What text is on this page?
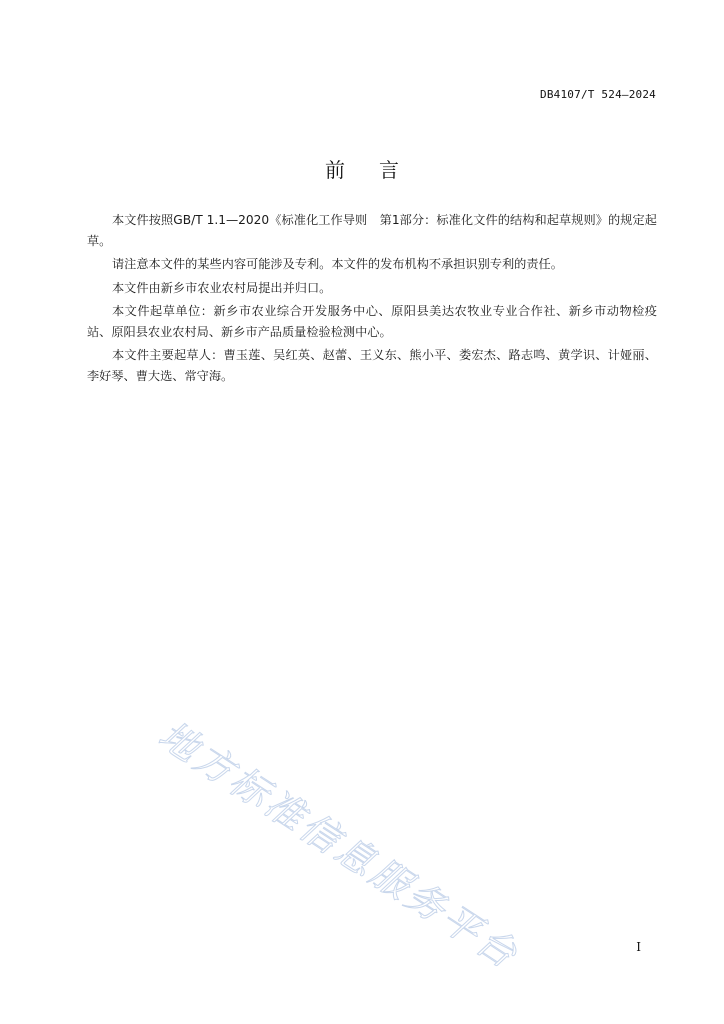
DB4107/T 524—2024
前言

本文件按照GB/T 1.1—2020《标准化工作导则　第1部分：标准化文件的结构和起草规则》的规定起草。

请注意本文件的某些内容可能涉及专利。本文件的发布机构不承担识别专利的责任。

本文件由新乡市农业农村局提出并归口。

本文件起草单位：新乡市农业综合开发服务中心、原阳县美达农牧业专业合作社、新乡市动物检疫站、原阳县农业农村局、新乡市产品质量检验检测中心。

本文件主要起草人：曹玉莲、吴红英、赵蕾、王义东、熊小平、娄宏杰、路志鸣、黄学识、计娅丽、李好琴、曹大选、常守海。

地方标准信息服务平台	I
